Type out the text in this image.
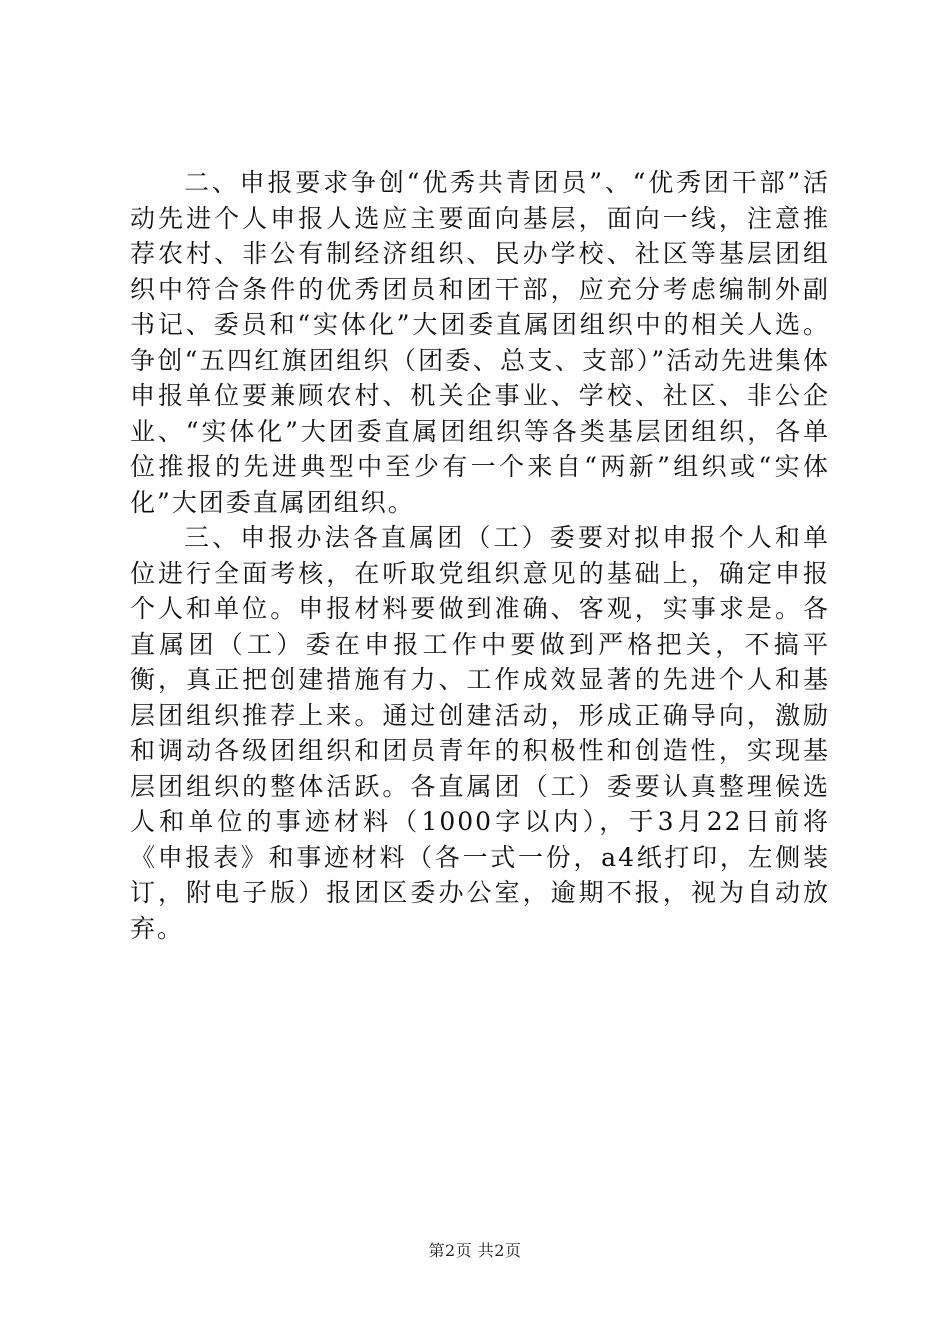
二、申报要求争创“优秀共青团员”、“优秀团干部”活动先进个人申报人选应主要面向基层，面向一线，注意推荐农村、非公有制经济组织、民办学校、社区等基层团组织中符合条件的优秀团员和团干部，应充分考虑编制外副书记、委员和“实体化”大团委直属团组织中的相关人选。争创“五四红旗团组织（团委、总支、支部）”活动先进集体申报单位要兼顾农村、机关企事业、学校、社区、非公企业、“实体化”大团委直属团组织等各类基层团组织，各单位推报的先进典型中至少有一个来自“两新”组织或“实体化”大团委直属团组织。

三、申报办法各直属团（工）委要对拟申报个人和单位进行全面考核，在听取党组织意见的基础上，确定申报个人和单位。申报材料要做到准确、客观，实事求是。各直属团（工）委在申报工作中要做到严格把关，不搞平衡，真正把创建措施有力、工作成效显著的先进个人和基层团组织推荐上来。通过创建活动，形成正确导向，激励和调动各级团组织和团员青年的积极性和创造性，实现基层团组织的整体活跃。各直属团（工）委要认真整理候选人和单位的事迹材料（1000字以内），于3月22日前将《申报表》和事迹材料（各一式一份，a4纸打印，左侧装订，附电子版）报团区委办公室，逾期不报，视为自动放弃。

第2页 共2页
